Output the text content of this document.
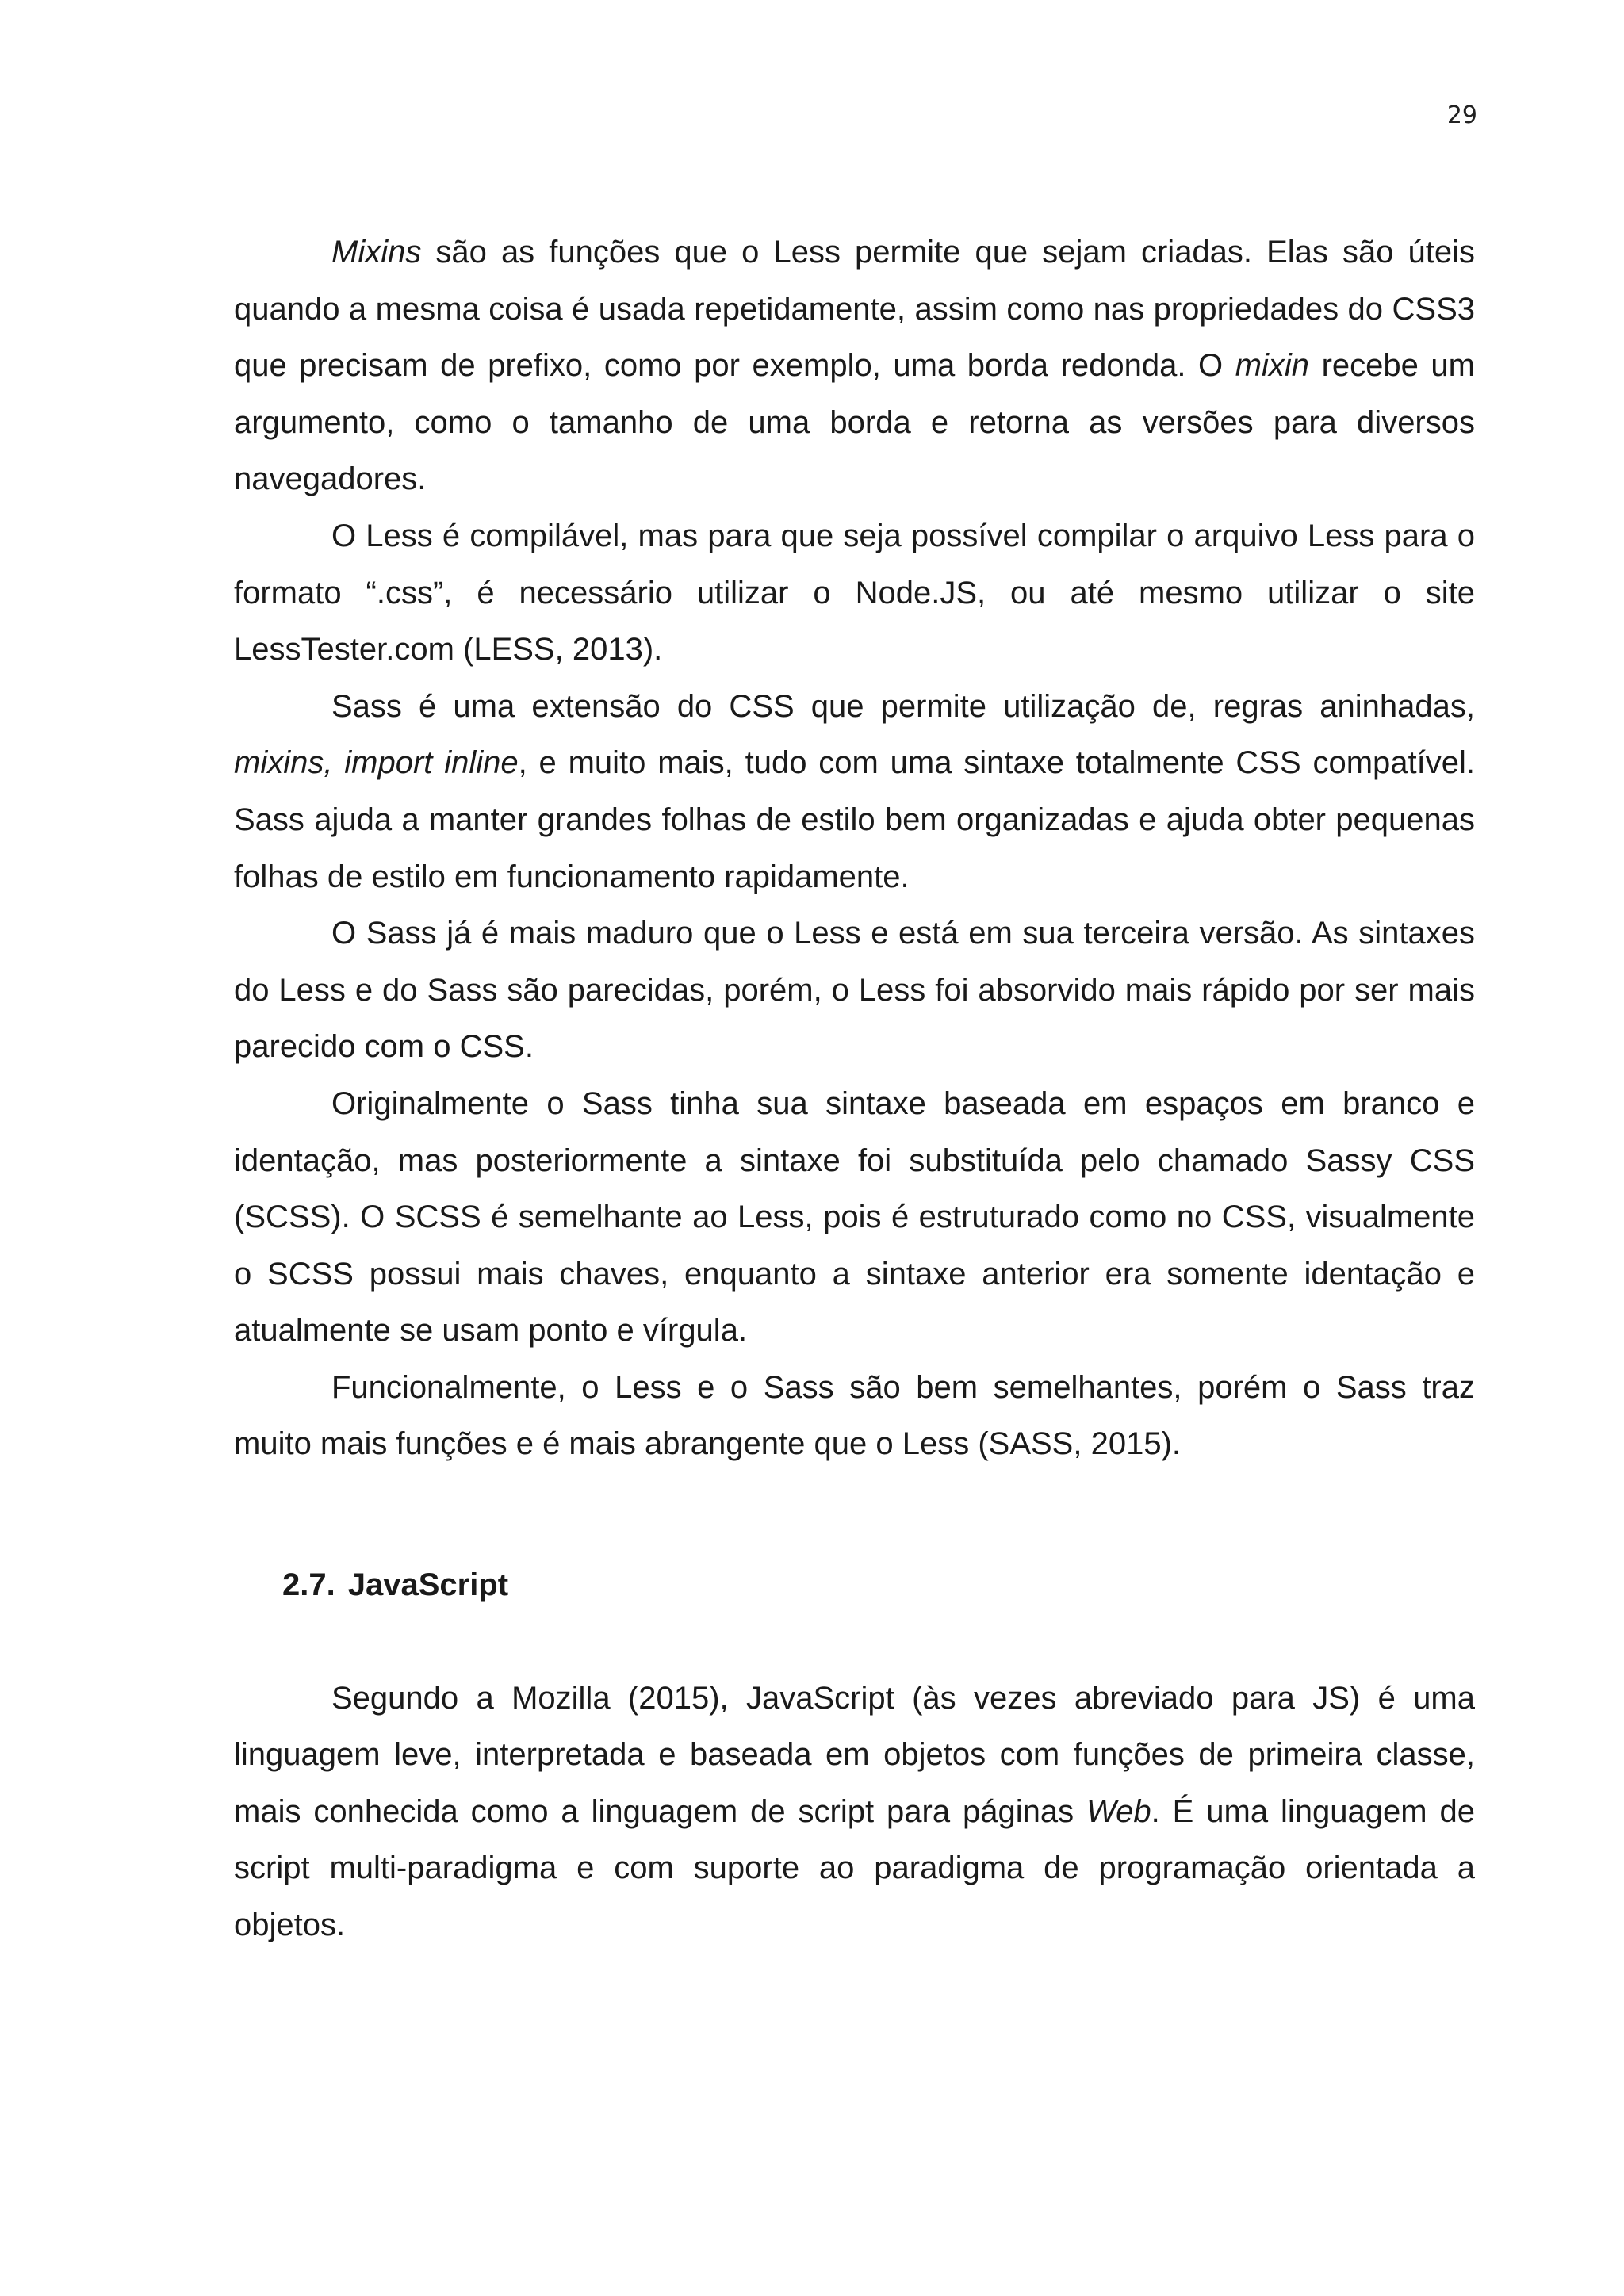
29

Mixins são as funções que o Less permite que sejam criadas. Elas são úteis quando a mesma coisa é usada repetidamente, assim como nas propriedades do CSS3 que precisam de prefixo, como por exemplo, uma borda redonda. O mixin recebe um argumento, como o tamanho de uma borda e retorna as versões para diversos navegadores.

O Less é compilável, mas para que seja possível compilar o arquivo Less para o formato “.css”, é necessário utilizar o Node.JS, ou até mesmo utilizar o site LessTester.com (LESS, 2013).

Sass é uma extensão do CSS que permite utilização de, regras aninhadas, mixins, import inline, e muito mais, tudo com uma sintaxe totalmente CSS compatível. Sass ajuda a manter grandes folhas de estilo bem organizadas e ajuda obter pequenas folhas de estilo em funcionamento rapidamente.

O Sass já é mais maduro que o Less e está em sua terceira versão. As sintaxes do Less e do Sass são parecidas, porém, o Less foi absorvido mais rápido por ser mais parecido com o CSS.

Originalmente o Sass tinha sua sintaxe baseada em espaços em branco e identação, mas posteriormente a sintaxe foi substituída pelo chamado Sassy CSS (SCSS). O SCSS é semelhante ao Less, pois é estruturado como no CSS, visualmente o SCSS possui mais chaves, enquanto a sintaxe anterior era somente identação e atualmente se usam ponto e vírgula.

Funcionalmente, o Less e o Sass são bem semelhantes, porém o Sass traz muito mais funções e é mais abrangente que o Less (SASS, 2015).

2.7. JavaScript

Segundo a Mozilla (2015), JavaScript (às vezes abreviado para JS) é uma linguagem leve, interpretada e baseada em objetos com funções de primeira classe, mais conhecida como a linguagem de script para páginas Web. É uma linguagem de script multi-paradigma e com suporte ao paradigma de programação orientada a objetos.
